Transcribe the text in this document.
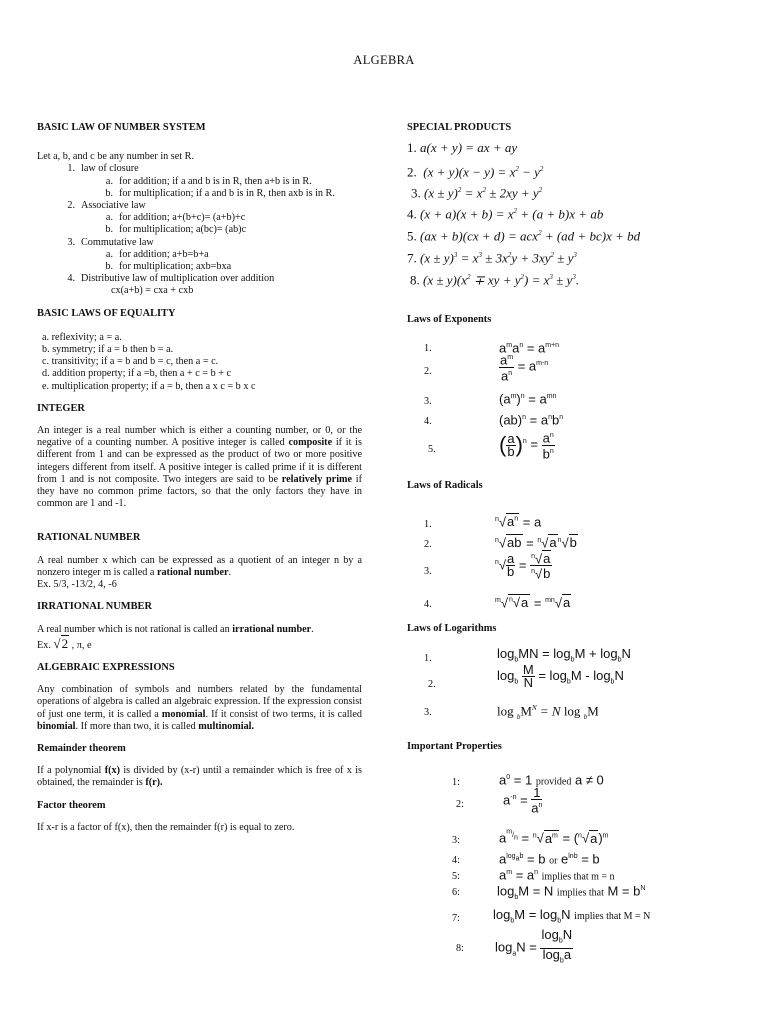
ALGEBRA

BASIC LAW OF NUMBER SYSTEM

Let a, b, and c be any number in set R.

1. law of closure
a. for addition; if a and b is in R, then a+b is in R.
b. for multiplication; if a and b is in R, then axb is in R.
2. Associative law
a. for addition; a+(b+c)= (a+b)+c
b. for multiplication; a(bc)= (ab)c
3. Commutative law
a. for addition; a+b=b+a
b. for multiplication; axb=bxa
4. Distributive law of multiplication over addition
cx(a+b) = cxa + cxb

BASIC LAWS OF EQUALITY

a. reflexivity; a = a.

b. symmetry; if a = b then b = a.

c. transitivity; if a = b and b = c, then a = c.

d. addition property; if a =b, then a + c = b + c

e. multiplication property; if a = b, then a x c = b x c

INTEGER

An integer is a real number which is either a counting number, or 0, or the negative of a counting number. A positive integer is called composite if it is different from 1 and can be expressed as the product of two or more positive integers different from itself. A positive integer is called prime if it is different from 1 and is not composite. Two integers are said to be relatively prime if they have no common prime factors, so that the only factors they have in common are 1 and -1.

RATIONAL NUMBER

A real number x which can be expressed as a quotient of an integer n by a nonzero integer m is called a rational number.

Ex. 5/3, -13/2, 4, -6

IRRATIONAL NUMBER

A real number which is not rational is called an irrational number.

Ex. √2 , π, e

ALGEBRAIC EXPRESSIONS

Any combination of symbols and numbers related by the fundamental operations of algebra is called an algebraic expression. If the expression consist of just one term, it is called a monomial. If it consist of two terms, it is called binomial. If more than two, it is called multinomial.

Remainder theorem

If a polynomial f(x) is divided by (x-r) until a remainder which is free of x is obtained, the remainder is f(r).

Factor theorem

If x-r is a factor of f(x), then the remainder f(r) is equal to zero.

SPECIAL PRODUCTS

1. a(x + y) = ax + ay
2.  $(x + y)(x - y) = x^2 - y^2$
3. $(x \pm y)^2 = x^2 \pm 2xy + y^2$
4. $(x + a)(x + b) = x^2 + (a + b)x$ + ab
5. (ax + b)(cx + d) = acx$^2$ + (ad + bc)x + bd
7. $(x \pm y)^3 = x^3 \pm 3x^2y + 3xy^2 \pm y^3$
8. $(x \pm y)(x^2$ ∓ xy + $y^2) = x^3 \pm y^3$.

Laws of Exponents

1.	$a^ma^n = a^{m+n}$
2.	$\frac{a^m}{a^n} = a^{m-n}$
3.	$(a^m)^n = a^{mn}$
4.	$(ab)^n = a^nb^n$
5.	( $\frac{a}{b} )^n = \frac{a^n}{b^n}$

Laws of Radicals

1.	$^n√a^n = a$
2.	$^n√ab = ^n√a^n√b$
3.
$^n√ \frac{a}{b} = \frac{^n√a}{^n√b}$
4.	$^m$√$^n$√a = $^{mn}$√a

Laws of Logarithms

1.	$\log_bMN = \log_bM + \log_bN$
2.
$\log_b \frac{M}{N} = \log_bM - \log_bN$
3.	$\log _bM^N = N$ log $_b$M

Important Properties

1:	$a^0 = 1$ provided a ≠ 0
2:	$a^{-n} = \frac{1}{a^n}$
3:	$a^{^m/_n} = ^n√a^m = (^n√a)^m$
4:	$a^{log_ab} = b$ or $e^{lnb} = b$
5:	$a^m = a^n$ implies that m = n
6:	$\log_bM = N$ implies that $M = b^N$
7:	$\log_bM = \log_bN$ implies that M = N
8:	$\log_aN = \frac{\log_bN}{\log_ba}$
